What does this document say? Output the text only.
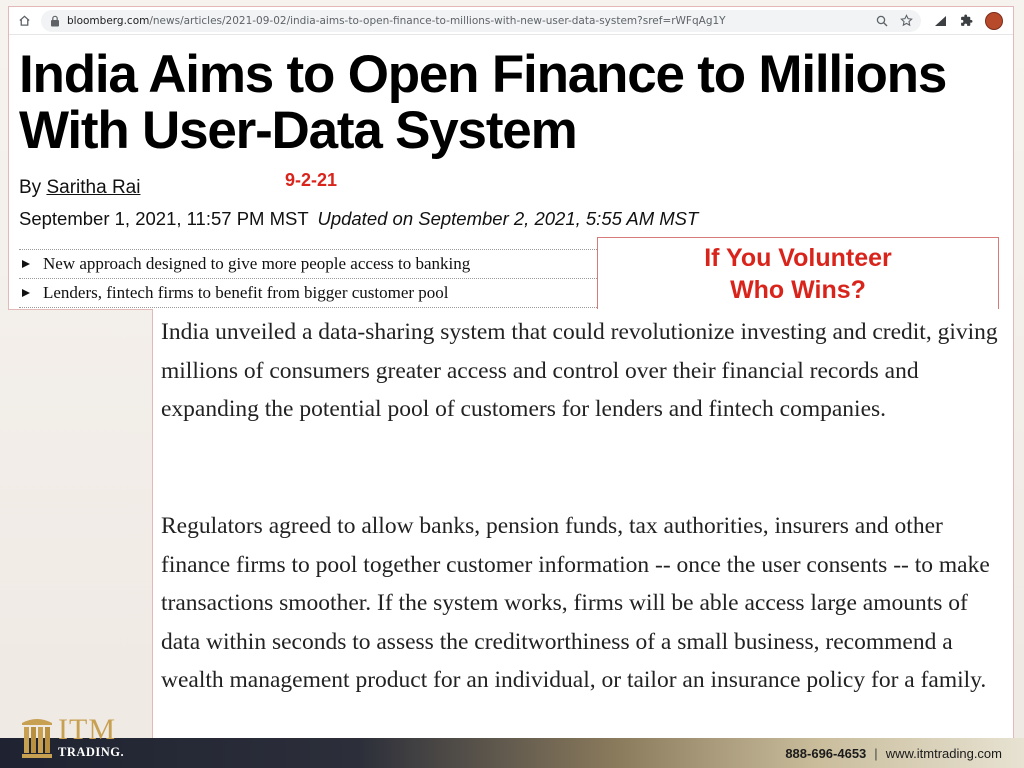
bloomberg.com/news/articles/2021-09-02/india-aims-to-open-finance-to-millions-with-new-user-data-system?sref=rWFqAg1Y
India Aims to Open Finance to Millions With User-Data System
By Saritha Rai	9-2-21
September 1, 2021, 11:57 PM MST Updated on September 2, 2021, 5:55 AM MST
New approach designed to give more people access to banking
Lenders, fintech firms to benefit from bigger customer pool
If You Volunteer
Who Wins?

India unveiled a data-sharing system that could revolutionize investing and credit, giving millions of consumers greater access and control over their financial records and expanding the potential pool of customers for lenders and fintech companies.

Regulators agreed to allow banks, pension funds, tax authorities, insurers and other finance firms to pool together customer information -- once the user consents -- to make transactions smoother. If the system works, firms will be able access large amounts of data within seconds to assess the creditworthiness of a small business, recommend a wealth management product for an individual, or tailor an insurance policy for a family.

888-696-4653 | www.itmtrading.com
ITM
TRADING.
